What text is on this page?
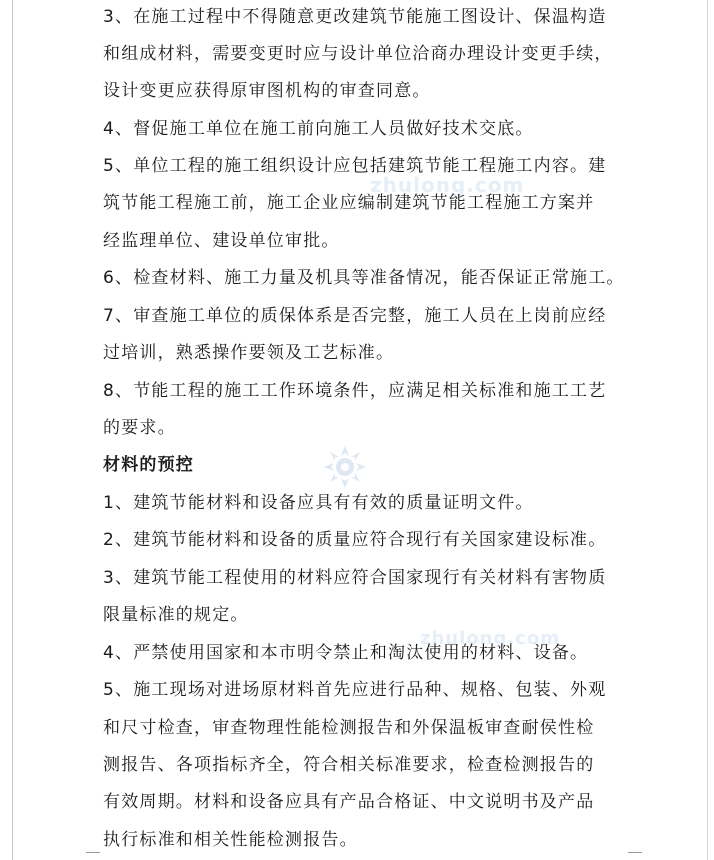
zhulong.com
zhulong.com
3、在施工过程中不得随意更改建筑节能施工图设计、保温构造
和组成材料，需要变更时应与设计单位洽商办理设计变更手续，
设计变更应获得原审图机构的审查同意。
4、督促施工单位在施工前向施工人员做好技术交底。
5、单位工程的施工组织设计应包括建筑节能工程施工内容。建
筑节能工程施工前，施工企业应编制建筑节能工程施工方案并
经监理单位、建设单位审批。
6、检查材料、施工力量及机具等准备情况，能否保证正常施工。
7、审查施工单位的质保体系是否完整，施工人员在上岗前应经
过培训，熟悉操作要领及工艺标准。
8、节能工程的施工工作环境条件，应满足相关标准和施工工艺
的要求。
材料的预控
1、建筑节能材料和设备应具有有效的质量证明文件。
2、建筑节能材料和设备的质量应符合现行有关国家建设标准。
3、建筑节能工程使用的材料应符合国家现行有关材料有害物质
限量标准的规定。
4、严禁使用国家和本市明令禁止和淘汰使用的材料、设备。
5、施工现场对进场原材料首先应进行品种、规格、包装、外观
和尺寸检查，审查物理性能检测报告和外保温板审查耐侯性检
测报告、各项指标齐全，符合相关标准要求，检查检测报告的
有效周期。材料和设备应具有产品合格证、中文说明书及产品
执行标准和相关性能检测报告。
